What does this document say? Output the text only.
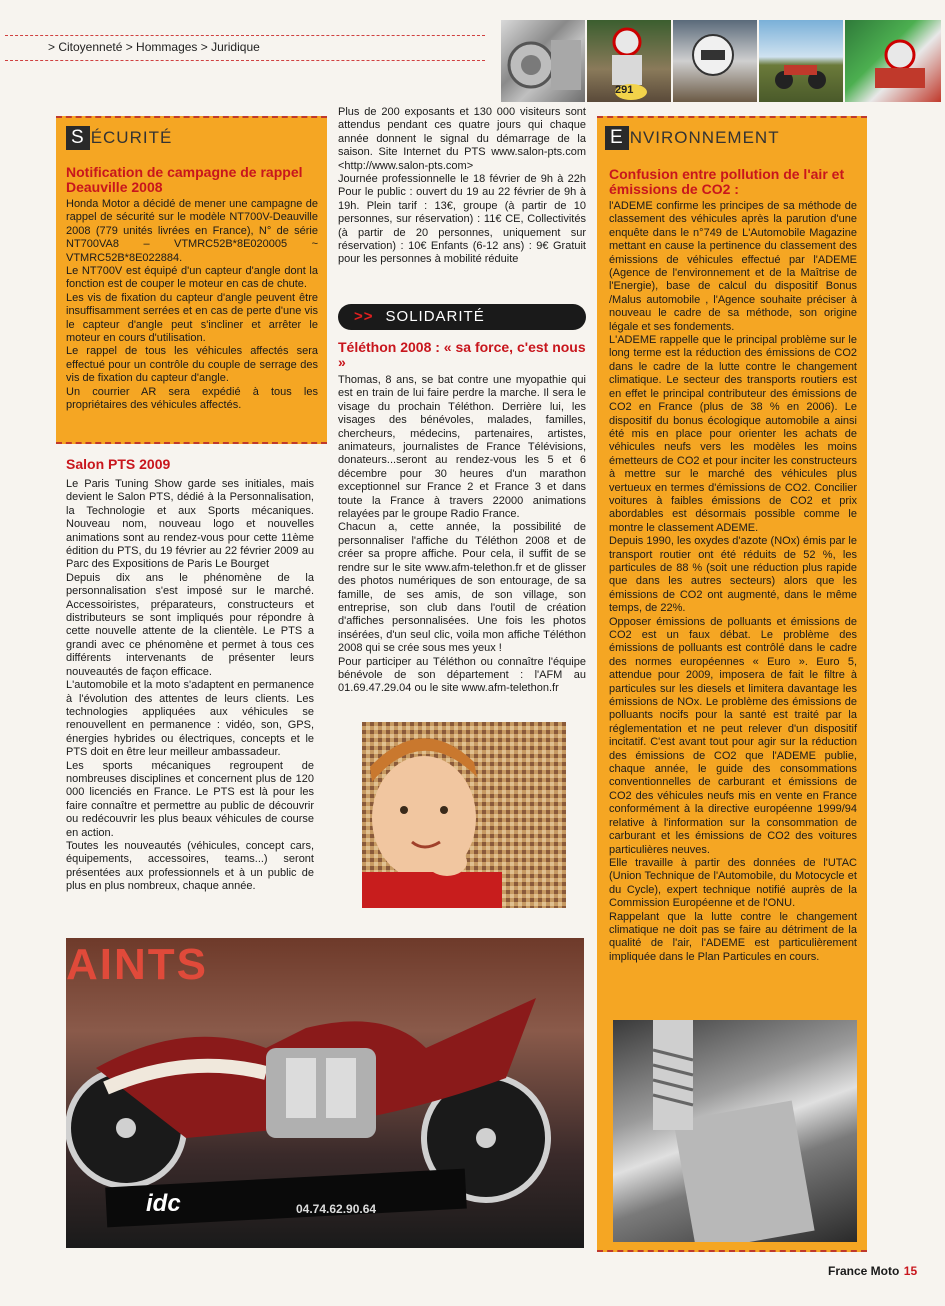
> Citoyenneté > Hommages > Juridique
291
S ÉCURITÉ
Notification de campagne de rappel Deauville 2008

Honda Motor a décidé de mener une campagne de rappel de sécurité sur le modèle NT700V-Deauville 2008 (779 unités livrées en France), N° de série NT700VA8 – VTMRC52B*8E020005 ~ VTMRC52B*8E022884.

Le NT700V est équipé d'un capteur d'angle dont la fonction est de couper le moteur en cas de chute.

Les vis de fixation du capteur d'angle peuvent être insuffisamment serrées et en cas de perte d'une vis le capteur d'angle peut s'incliner et arrêter le moteur en cours d'utilisation.

Le rappel de tous les véhicules affectés sera effectué pour un contrôle du couple de serrage des vis de fixation du capteur d'angle.

Un courrier AR sera expédié à tous les propriétaires des véhicules affectés.

Salon PTS 2009

Le Paris Tuning Show garde ses initiales, mais devient le Salon PTS, dédié à la Personnalisation, la Technologie et aux Sports mécaniques. Nouveau nom, nouveau logo et nouvelles animations sont au rendez-vous pour cette 11ème édition du PTS, du 19 février au 22 février 2009 au Parc des Expositions de Paris Le Bourget

Depuis dix ans le phénomène de la personnalisation s'est imposé sur le marché. Accessoiristes, préparateurs, constructeurs et distributeurs se sont impliqués pour répondre à cette nouvelle attente de la clientèle. Le PTS a grandi avec ce phénomène et permet à tous ces différents intervenants de présenter leurs nouveautés de façon efficace.

L'automobile et la moto s'adaptent en permanence à l'évolution des attentes de leurs clients. Les technologies appliquées aux véhicules se renouvellent en permanence : vidéo, son, GPS, énergies hybrides ou électriques, concepts et le PTS doit en être leur meilleur ambassadeur.

Les sports mécaniques regroupent de nombreuses disciplines et concernent plus de 120 000 licenciés en France. Le PTS est là pour les faire connaître et permettre au public de découvrir ou redécouvrir les plus beaux véhicules de course en action.

Toutes les nouveautés (véhicules, concept cars, équipements, accessoires, teams...) seront présentées aux professionnels et à un public de plus en plus nombreux, chaque année.

Plus de 200 exposants et 130 000 visiteurs sont attendus pendant ces quatre jours qui chaque année donnent le signal du démarrage de la saison. Site Internet du PTS www.salon-pts.com <http://www.salon-pts.com>

Journée professionnelle le 18 février de 9h à 22h Pour le public : ouvert du 19 au 22 février de 9h à 19h. Plein tarif : 13€, groupe (à partir de 10 personnes, sur réservation) : 11€ CE, Collectivités (à partir de 20 personnes, uniquement sur réservation) : 10€ Enfants (6-12 ans) : 9€ Gratuit pour les personnes à mobilité réduite

>> SOLIDARITÉ
Téléthon 2008 : « sa force, c'est nous »

Thomas, 8 ans, se bat contre une myopathie qui est en train de lui faire perdre la marche. Il sera le visage du prochain Téléthon. Derrière lui, les visages des bénévoles, malades, familles, chercheurs, médecins, partenaires, artistes, animateurs, journalistes de France Télévisions, donateurs...seront au rendez-vous les 5 et 6 décembre pour 30 heures d'un marathon exceptionnel sur France 2 et France 3 et dans toute la France à travers 22000 animations relayées par le groupe Radio France.

Chacun a, cette année, la possibilité de personnaliser l'affiche du Téléthon 2008 et de créer sa propre affiche. Pour cela, il suffit de se rendre sur le site www.afm-telethon.fr et de glisser des photos numériques de son entourage, de sa famille, de ses amis, de son village, son entreprise, son club dans l'outil de création d'affiches personnalisées. Une fois les photos insérées, d'un seul clic, voila mon affiche Téléthon 2008 qui se crée sous mes yeux !

Pour participer au Téléthon ou connaître l'équipe bénévole de son département : l'AFM au 01.69.47.29.04 ou le site www.afm-telethon.fr

E NVIRONNEMENT
Confusion entre pollution de l'air et émissions de CO2 :

l'ADEME confirme les principes de sa méthode de classement des véhicules après la parution d'une enquête dans le n°749 de L'Automobile Magazine mettant en cause la pertinence du classement des émissions de véhicules effectué par l'ADEME (Agence de l'environnement et de la Maîtrise de l'Energie), base de calcul du dispositif Bonus /Malus automobile , l'Agence souhaite préciser à nouveau le cadre de sa méthode, son origine légale et ses fondements.

L'ADEME rappelle que le principal problème sur le long terme est la réduction des émissions de CO2 dans le cadre de la lutte contre le changement climatique. Le secteur des transports routiers est en effet le principal contributeur des émissions de CO2 en France (plus de 38 % en 2006). Le dispositif du bonus écologique automobile a ainsi été mis en place pour orienter les achats de véhicules neufs vers les modèles les moins émetteurs de CO2 et pour inciter les constructeurs à mettre sur le marché des véhicules plus vertueux en termes d'émissions de CO2. Concilier voitures à faibles émissions de CO2 et prix abordables est désormais possible comme le montre le classement ADEME.

Depuis 1990, les oxydes d'azote (NOx) émis par le transport routier ont été réduits de 52 %, les particules de 88 % (soit une réduction plus rapide que dans les autres secteurs) alors que les émissions de CO2 ont augmenté, dans le même temps, de 22%.

Opposer émissions de polluants et émissions de CO2 est un faux débat. Le problème des émissions de polluants est contrôlé dans le cadre des normes européennes « Euro ». Euro 5, attendue pour 2009, imposera de fait le filtre à particules sur les diesels et limitera davantage les émissions de NOx. Le problème des émissions de polluants nocifs pour la santé est traité par la réglementation et ne peut relever d'un dispositif incitatif. C'est avant tout pour agir sur la réduction des émissions de CO2 que l'ADEME publie, chaque année, le guide des consommations conventionnelles de carburant et émissions de CO2 des véhicules neufs mis en vente en France conformément à la directive européenne 1999/94 relative à l'information sur la consommation de carburant et les émissions de CO2 des voitures particulières neuves.

Elle travaille à partir des données de l'UTAC (Union Technique de l'Automobile, du Motocycle et du Cycle), expert technique notifié auprès de la Commission Européenne et de l'ONU.

Rappelant que la lutte contre le changement climatique ne doit pas se faire au détriment de la qualité de l'air, l'ADEME est particulièrement impliquée dans le Plan Particules en cours.

AINTS
idc	04.74.62.90.64
France Moto 15
